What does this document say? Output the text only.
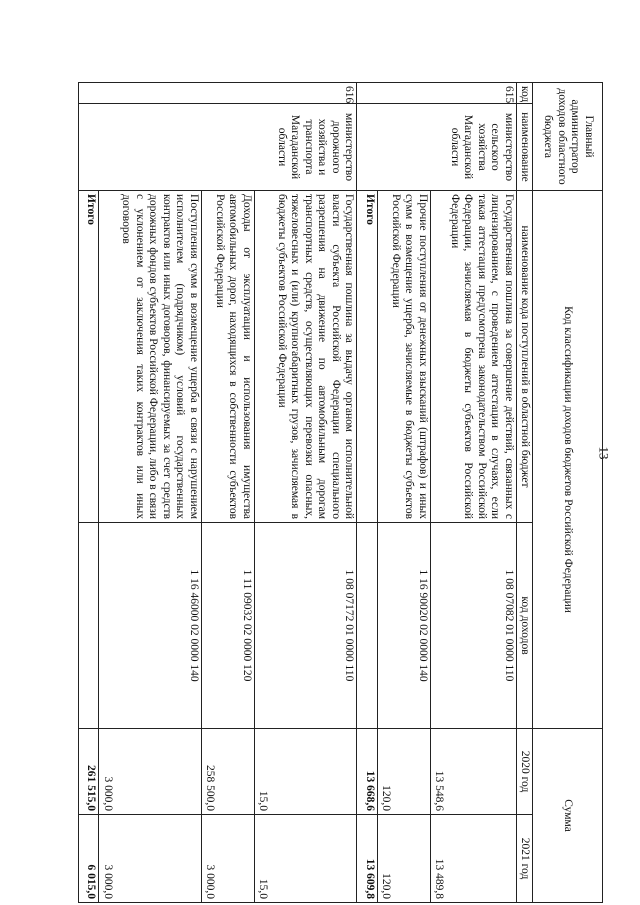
13
Главный администратор доходов областного бюджета		Код классификации доходов бюджетов Российской Федерации		Сумма	

код	наименование	наименование кода поступлений в областной бюджет	код доходов	2020 год	2021 год
615	министерство сельского хозяйства Магаданской области	Государственная пошлина за совершение действий, связанных с лицензированием, с проведением аттестации в случаях, если такая аттестация предусмотрена законодательством Российской Федерации, зачисляемая в бюджеты субъектов Российской Федерации	1 08 07082 01 0000 110	13 548,6	13 489,8
		Прочие поступления от денежных взысканий (штрафов) и иных сумм в возмещение ущерба, зачисляемые в бюджеты субъектов Российской Федерации	1 16 90020 02 0000 140	120,0	120,0
		Итого		13 668,6	13 609,8
616	министерство дорожного хозяйства и транспорта Магаданской области	Государственная пошлина за выдачу органом исполнительной власти субъекта Российской Федерации специального разрешения на движение по автомобильным дорогам транспортных средств, осуществляющих перевозки опасных, тяжеловесных и (или) крупногабаритных грузов, зачисляемая в бюджеты субъектов Российской Федерации	1 08 07172 01 0000 110	15,0	15,0
		Доходы от эксплуатации и использования имущества автомобильных дорог, находящихся в собственности субъектов Российской Федерации	1 11 09032 02 0000 120	258 500,0	3 000,0
		Поступления сумм в возмещение ущерба в связи с нарушением исполнителем (подрядчиком) условий государственных контрактов или иных договоров, финансируемых за счет средств дорожных фондов субъектов Российской Федерации, либо в связи с уклонением от заключения таких контрактов или иных договоров	1 16 46000 02 0000 140	3 000,0	3 000,0
		Итого		261 515,0	6 015,0
